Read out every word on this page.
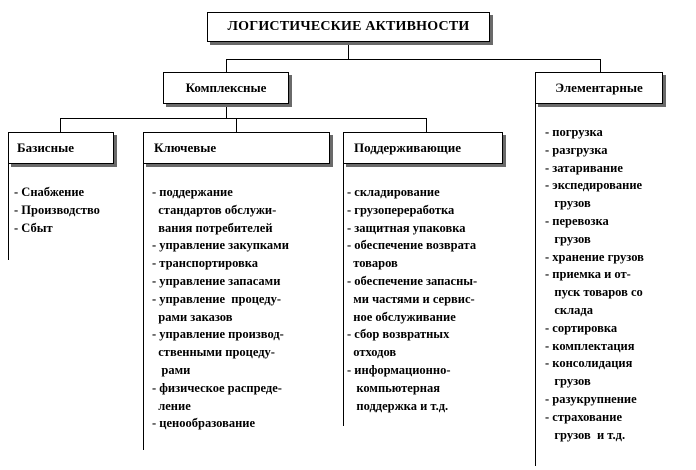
ЛОГИСТИЧЕСКИЕ АКТИВНОСТИ
Комплексные	Элементарные
Базисные	Ключевые	Поддерживающие
- Снабжение
- Производство
- Сбыт
- поддержание
стандартов обслужи-
вания потребителей
- управление закупками
- транспортировка
- управление запасами
- управление  процеду-
рами заказов
- управление производ-
ственными процеду-
рами
- физическое распреде-
ление
- ценообразование
- складирование
- грузопереработка
- защитная упаковка
- обеспечение возврата
товаров
- обеспечение запасны-
ми частями и сервис-
ное обслуживание
- сбор возвратных
отходов
- информационно-
компьютерная
поддержка и т.д.
- погрузка
- разгрузка
- затаривание
- экспедирование
грузов
- перевозка
грузов
- хранение грузов
- приемка и от-
пуск товаров со
склада
- сортировка
- комплектация
- консолидация
грузов
- разукрупнение
- страхование
грузов  и т.д.
